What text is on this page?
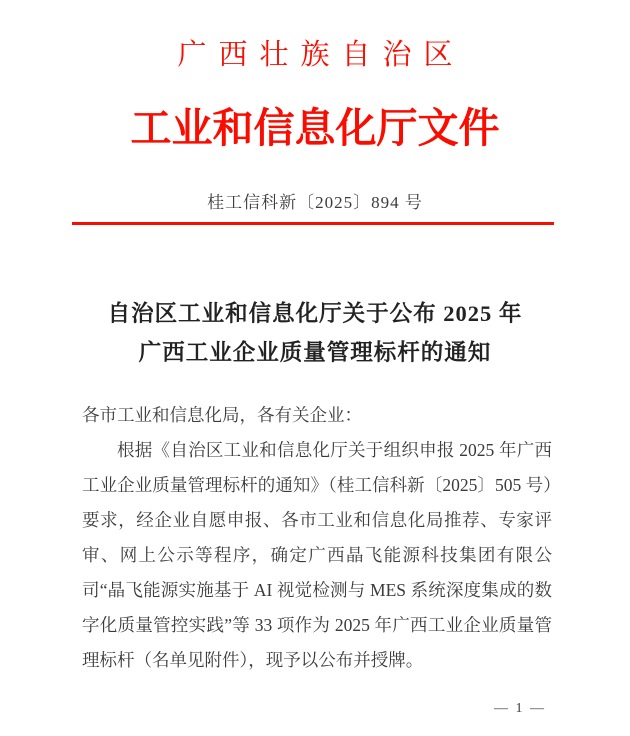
广西壮族自治区
工业和信息化厅文件
桂工信科新〔2025〕894 号
自治区工业和信息化厅关于公布 2025 年
广西工业企业质量管理标杆的通知

各市工业和信息化局，各有关企业：

根据《自治区工业和信息化厅关于组织申报 2025 年广西工业企业质量管理标杆的通知》（桂工信科新〔2025〕505 号）要求，经企业自愿申报、各市工业和信息化局推荐、专家评审、网上公示等程序，确定广西晶飞能源科技集团有限公司“晶飞能源实施基于 AI 视觉检测与 MES 系统深度集成的数字化质量管控实践”等 33 项作为 2025 年广西工业企业质量管理标杆（名单见附件），现予以公布并授牌。

— 1 —
